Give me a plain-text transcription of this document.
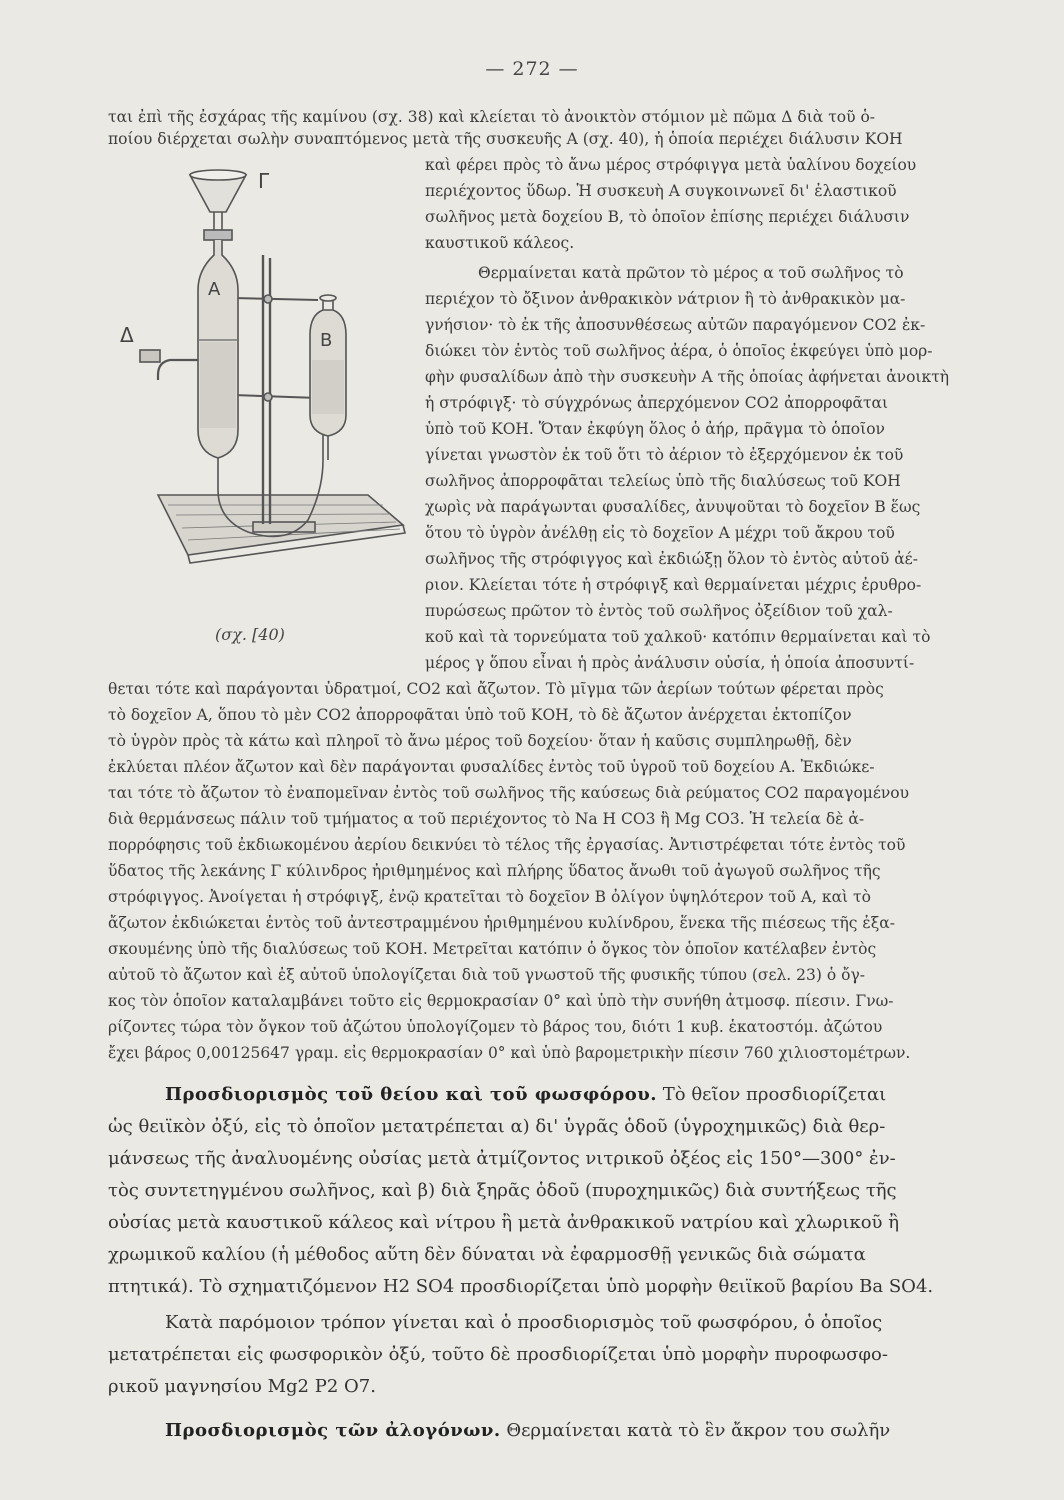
— 272 —
Γ
Δ
Α
Β
(σχ. [40)
ται ἐπὶ τῆς ἐσχάρας τῆς καμίνου (σχ. 38) καὶ κλείεται τὸ ἀνοικτὸν στόμιον μὲ πῶμα Δ διὰ τοῦ ὁ-
ποίου διέρχεται σωλὴν συναπτόμενος μετὰ τῆς συσκευῆς Α (σχ. 40), ἡ ὁποία περιέχει διάλυσιν ΚΟΗ
καὶ φέρει πρὸς τὸ ἄνω μέρος στρόφιγγα μετὰ ὑαλίνου δοχείου
περιέχοντος ὕδωρ. Ἡ συσκευὴ Α συγκοινωνεῖ δι' ἐλαστικοῦ
σωλῆνος μετὰ δοχείου Β, τὸ ὁποῖον ἐπίσης περιέχει διάλυσιν
καυστικοῦ κάλεος.
Θερμαίνεται κατὰ πρῶτον τὸ μέρος α τοῦ σωλῆνος τὸ
περιέχον τὸ ὄξινον ἀνθρακικὸν νάτριον ἢ τὸ ἀνθρακικὸν μα-
γνήσιον· τὸ ἐκ τῆς ἀποσυνθέσεως αὐτῶν παραγόμενον CO2 ἐκ-
διώκει τὸν ἐντὸς τοῦ σωλῆνος ἀέρα, ὁ ὁποῖος ἐκφεύγει ὑπὸ μορ-
φὴν φυσαλίδων ἀπὸ τὴν συσκευὴν Α τῆς ὁποίας ἀφήνεται ἀνοικτὴ
ἡ στρόφιγξ· τὸ σύγχρόνως ἀπερχόμενον CO2 ἀπορροφᾶται
ὑπὸ τοῦ ΚΟΗ. Ὅταν ἐκφύγη ὅλος ὁ ἀήρ, πρᾶγμα τὸ ὁποῖον
γίνεται γνωστὸν ἐκ τοῦ ὅτι τὸ ἀέριον τὸ ἐξερχόμενον ἐκ τοῦ
σωλῆνος ἀπορροφᾶται τελείως ὑπὸ τῆς διαλύσεως τοῦ ΚΟΗ
χωρὶς νὰ παράγωνται φυσαλίδες, ἀνυψοῦται τὸ δοχεῖον Β ἕως
ὅτου τὸ ὑγρὸν ἀνέλθῃ εἰς τὸ δοχεῖον Α μέχρι τοῦ ἄκρου τοῦ
σωλῆνος τῆς στρόφιγγος καὶ ἐκδιώξῃ ὅλον τὸ ἐντὸς αὐτοῦ ἀέ-
ριον. Κλείεται τότε ἡ στρόφιγξ καὶ θερμαίνεται μέχρις ἐρυθρο-
πυρώσεως πρῶτον τὸ ἐντὸς τοῦ σωλῆνος ὀξείδιον τοῦ χαλ-
κοῦ καὶ τὰ τορνεύματα τοῦ χαλκοῦ· κατόπιν θερμαίνεται καὶ τὸ
μέρος γ ὅπου εἶναι ἡ πρὸς ἀνάλυσιν οὐσία, ἡ ὁποία ἀποσυντί-
θεται τότε καὶ παράγονται ὑδρατμοί, CO2 καὶ ἄζωτον. Τὸ μῖγμα τῶν ἀερίων τούτων φέρεται πρὸς
τὸ δοχεῖον Α, ὅπου τὸ μὲν CO2 ἀπορροφᾶται ὑπὸ τοῦ ΚΟΗ, τὸ δὲ ἄζωτον ἀνέρχεται ἐκτοπίζον
τὸ ὑγρὸν πρὸς τὰ κάτω καὶ πληροῖ τὸ ἄνω μέρος τοῦ δοχείου· ὅταν ἡ καῦσις συμπληρωθῇ, δὲν
ἐκλύεται πλέον ἄζωτον καὶ δὲν παράγονται φυσαλίδες ἐντὸς τοῦ ὑγροῦ τοῦ δοχείου Α. Ἐκδιώκε-
ται τότε τὸ ἄζωτον τὸ ἐναπομεῖναν ἐντὸς τοῦ σωλῆνος τῆς καύσεως διὰ ρεύματος CO2 παραγομένου
διὰ θερμάνσεως πάλιν τοῦ τμήματος α τοῦ περιέχοντος τὸ Na H CO3 ἢ Mg CO3. Ἡ τελεία δὲ ἀ-
πορρόφησις τοῦ ἐκδιωκομένου ἀερίου δεικνύει τὸ τέλος τῆς ἐργασίας. Ἀντιστρέφεται τότε ἐντὸς τοῦ
ὕδατος τῆς λεκάνης Γ κύλινδρος ἠριθμημένος καὶ πλήρης ὕδατος ἄνωθι τοῦ ἀγωγοῦ σωλῆνος τῆς
στρόφιγγος. Ἀνοίγεται ἡ στρόφιγξ, ἐνῷ κρατεῖται τὸ δοχεῖον Β ὀλίγον ὑψηλότερον τοῦ Α, καὶ τὸ
ἄζωτον ἐκδιώκεται ἐντὸς τοῦ ἀντεστραμμένου ἠριθμημένου κυλίνδρου, ἕνεκα τῆς πιέσεως τῆς ἐξα-
σκουμένης ὑπὸ τῆς διαλύσεως τοῦ ΚΟΗ. Μετρεῖται κατόπιν ὁ ὄγκος τὸν ὁποῖον κατέλαβεν ἐντὸς
αὐτοῦ τὸ ἄζωτον καὶ ἐξ αὐτοῦ ὑπολογίζεται διὰ τοῦ γνωστοῦ τῆς φυσικῆς τύπου (σελ. 23) ὁ ὄγ-
κος τὸν ὁποῖον καταλαμβάνει τοῦτο εἰς θερμοκρασίαν 0° καὶ ὑπὸ τὴν συνήθη ἀτμοσφ. πίεσιν. Γνω-
ρίζοντες τώρα τὸν ὄγκον τοῦ ἀζώτου ὑπολογίζομεν τὸ βάρος του, διότι 1 κυβ. ἑκατοστόμ. ἀζώτου
ἔχει βάρος 0,00125647 γραμ. εἰς θερμοκρασίαν 0° καὶ ὑπὸ βαρομετρικὴν πίεσιν 760 χιλιοστομέτρων.
Προσδιορισμὸς τοῦ θείου καὶ τοῦ φωσφόρου. Τὸ θεῖον προσδιορίζεται
ὡς θειϊκὸν ὀξύ, εἰς τὸ ὁποῖον μετατρέπεται α) δι' ὑγρᾶς ὁδοῦ (ὑγροχημικῶς) διὰ θερ-
μάνσεως τῆς ἀναλυομένης οὐσίας μετὰ ἀτμίζοντος νιτρικοῦ ὀξέος εἰς 150°—300° ἐν-
τὸς συντετηγμένου σωλῆνος, καὶ β) διὰ ξηρᾶς ὁδοῦ (πυροχημικῶς) διὰ συντήξεως τῆς
οὐσίας μετὰ καυστικοῦ κάλεος καὶ νίτρου ἢ μετὰ ἀνθρακικοῦ νατρίου καὶ χλωρικοῦ ἢ
χρωμικοῦ καλίου (ἡ μέθοδος αὕτη δὲν δύναται νὰ ἐφαρμοσθῇ γενικῶς διὰ σώματα
πτητικά). Τὸ σχηματιζόμενον H2 SO4 προσδιορίζεται ὑπὸ μορφὴν θειϊκοῦ βαρίου Ba SO4.
Κατὰ παρόμοιον τρόπον γίνεται καὶ ὁ προσδιορισμὸς τοῦ φωσφόρου, ὁ ὁποῖος
μετατρέπεται εἰς φωσφορικὸν ὀξύ, τοῦτο δὲ προσδιορίζεται ὑπὸ μορφὴν πυροφωσφο-
ρικοῦ μαγνησίου Mg2 P2 O7.
Προσδιορισμὸς τῶν ἀλογόνων. Θερμαίνεται κατὰ τὸ ἓν ἄκρον του σωλῆν
